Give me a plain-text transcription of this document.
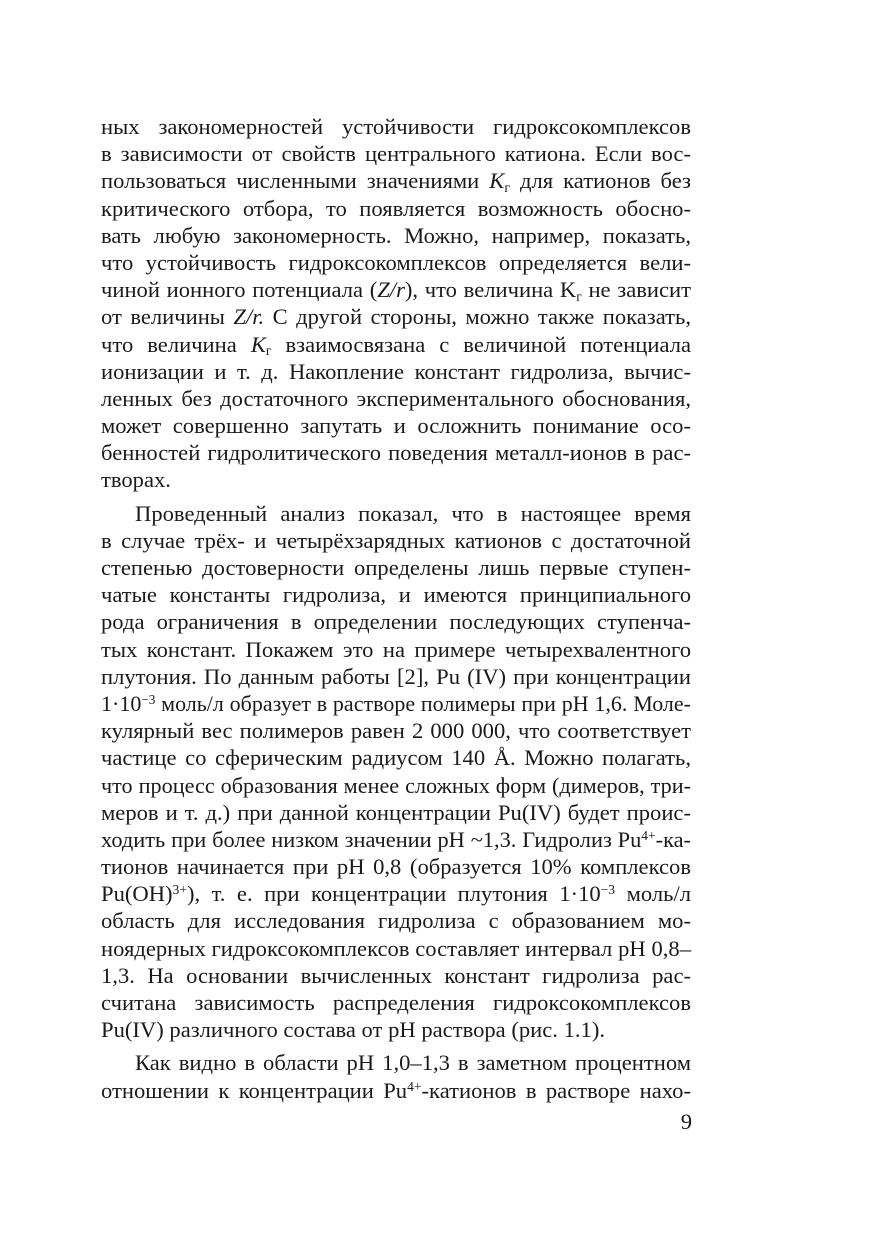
ных закономерностей устойчивости гидроксокомплексов
в зависимости от свойств центрального катиона. Если вос-
пользоваться численными значениями $K_г$ для катионов без
критического отбора, то появляется возможность обосно-
вать любую закономерность. Можно, например, показать,
что устойчивость гидроксокомплексов определяется вели-
чиной ионного потенциала (Z/r), что величина $K_г$ не зависит
от величины Z/r. С другой стороны, можно также показать,
что величина $K_г$ взаимосвязана с величиной потенциала
ионизации и т. д. Накопление констант гидролиза, вычис-
ленных без достаточного экспериментального обоснования,
может совершенно запутать и осложнить понимание осо-
бенностей гидролитического поведения металл-ионов в рас-
творах.
Проведенный анализ показал, что в настоящее время
в случае трёх- и четырёхзарядных катионов с достаточной
степенью достоверности определены лишь первые ступен-
чатые константы гидролиза, и имеются принципиального
рода ограничения в определении последующих ступенча-
тых констант. Покажем это на примере четырехвалентного
плутония. По данным работы [2], Pu (IV) при концентрации
$1\cdot 10^{-3}$ моль/л образует в растворе полимеры при pH 1,6. Моле-
кулярный вес полимеров равен 2 000 000, что соответствует
частице со сферическим радиусом 140 Å. Можно полагать,
что процесс образования менее сложных форм (димеров, три-
меров и т. д.) при данной концентрации Pu(IV) будет проис-
ходить при более низком значении pH ~1,3. Гидролиз $Pu^{4+}-ка-$
тионов начинается при pH 0,8 (образуется 10% комплексов
Pu(OH)$^{3+}$), т. е. при концентрации плутония $1\cdot 10^{-3}$ моль/л
область для исследования гидролиза с образованием мо-
ноядерных гидроксокомплексов составляет интервал pH 0,8–
1,3. На основании вычисленных констант гидролиза рас-
считана зависимость распределения гидроксокомплексов
Pu(IV) различного состава от pH раствора (рис. 1.1).
Как видно в области pH 1,0–1,3 в заметном процентном
отношении к концентрации $Pu^{4+}$-катионов в растворе нахо-
9
